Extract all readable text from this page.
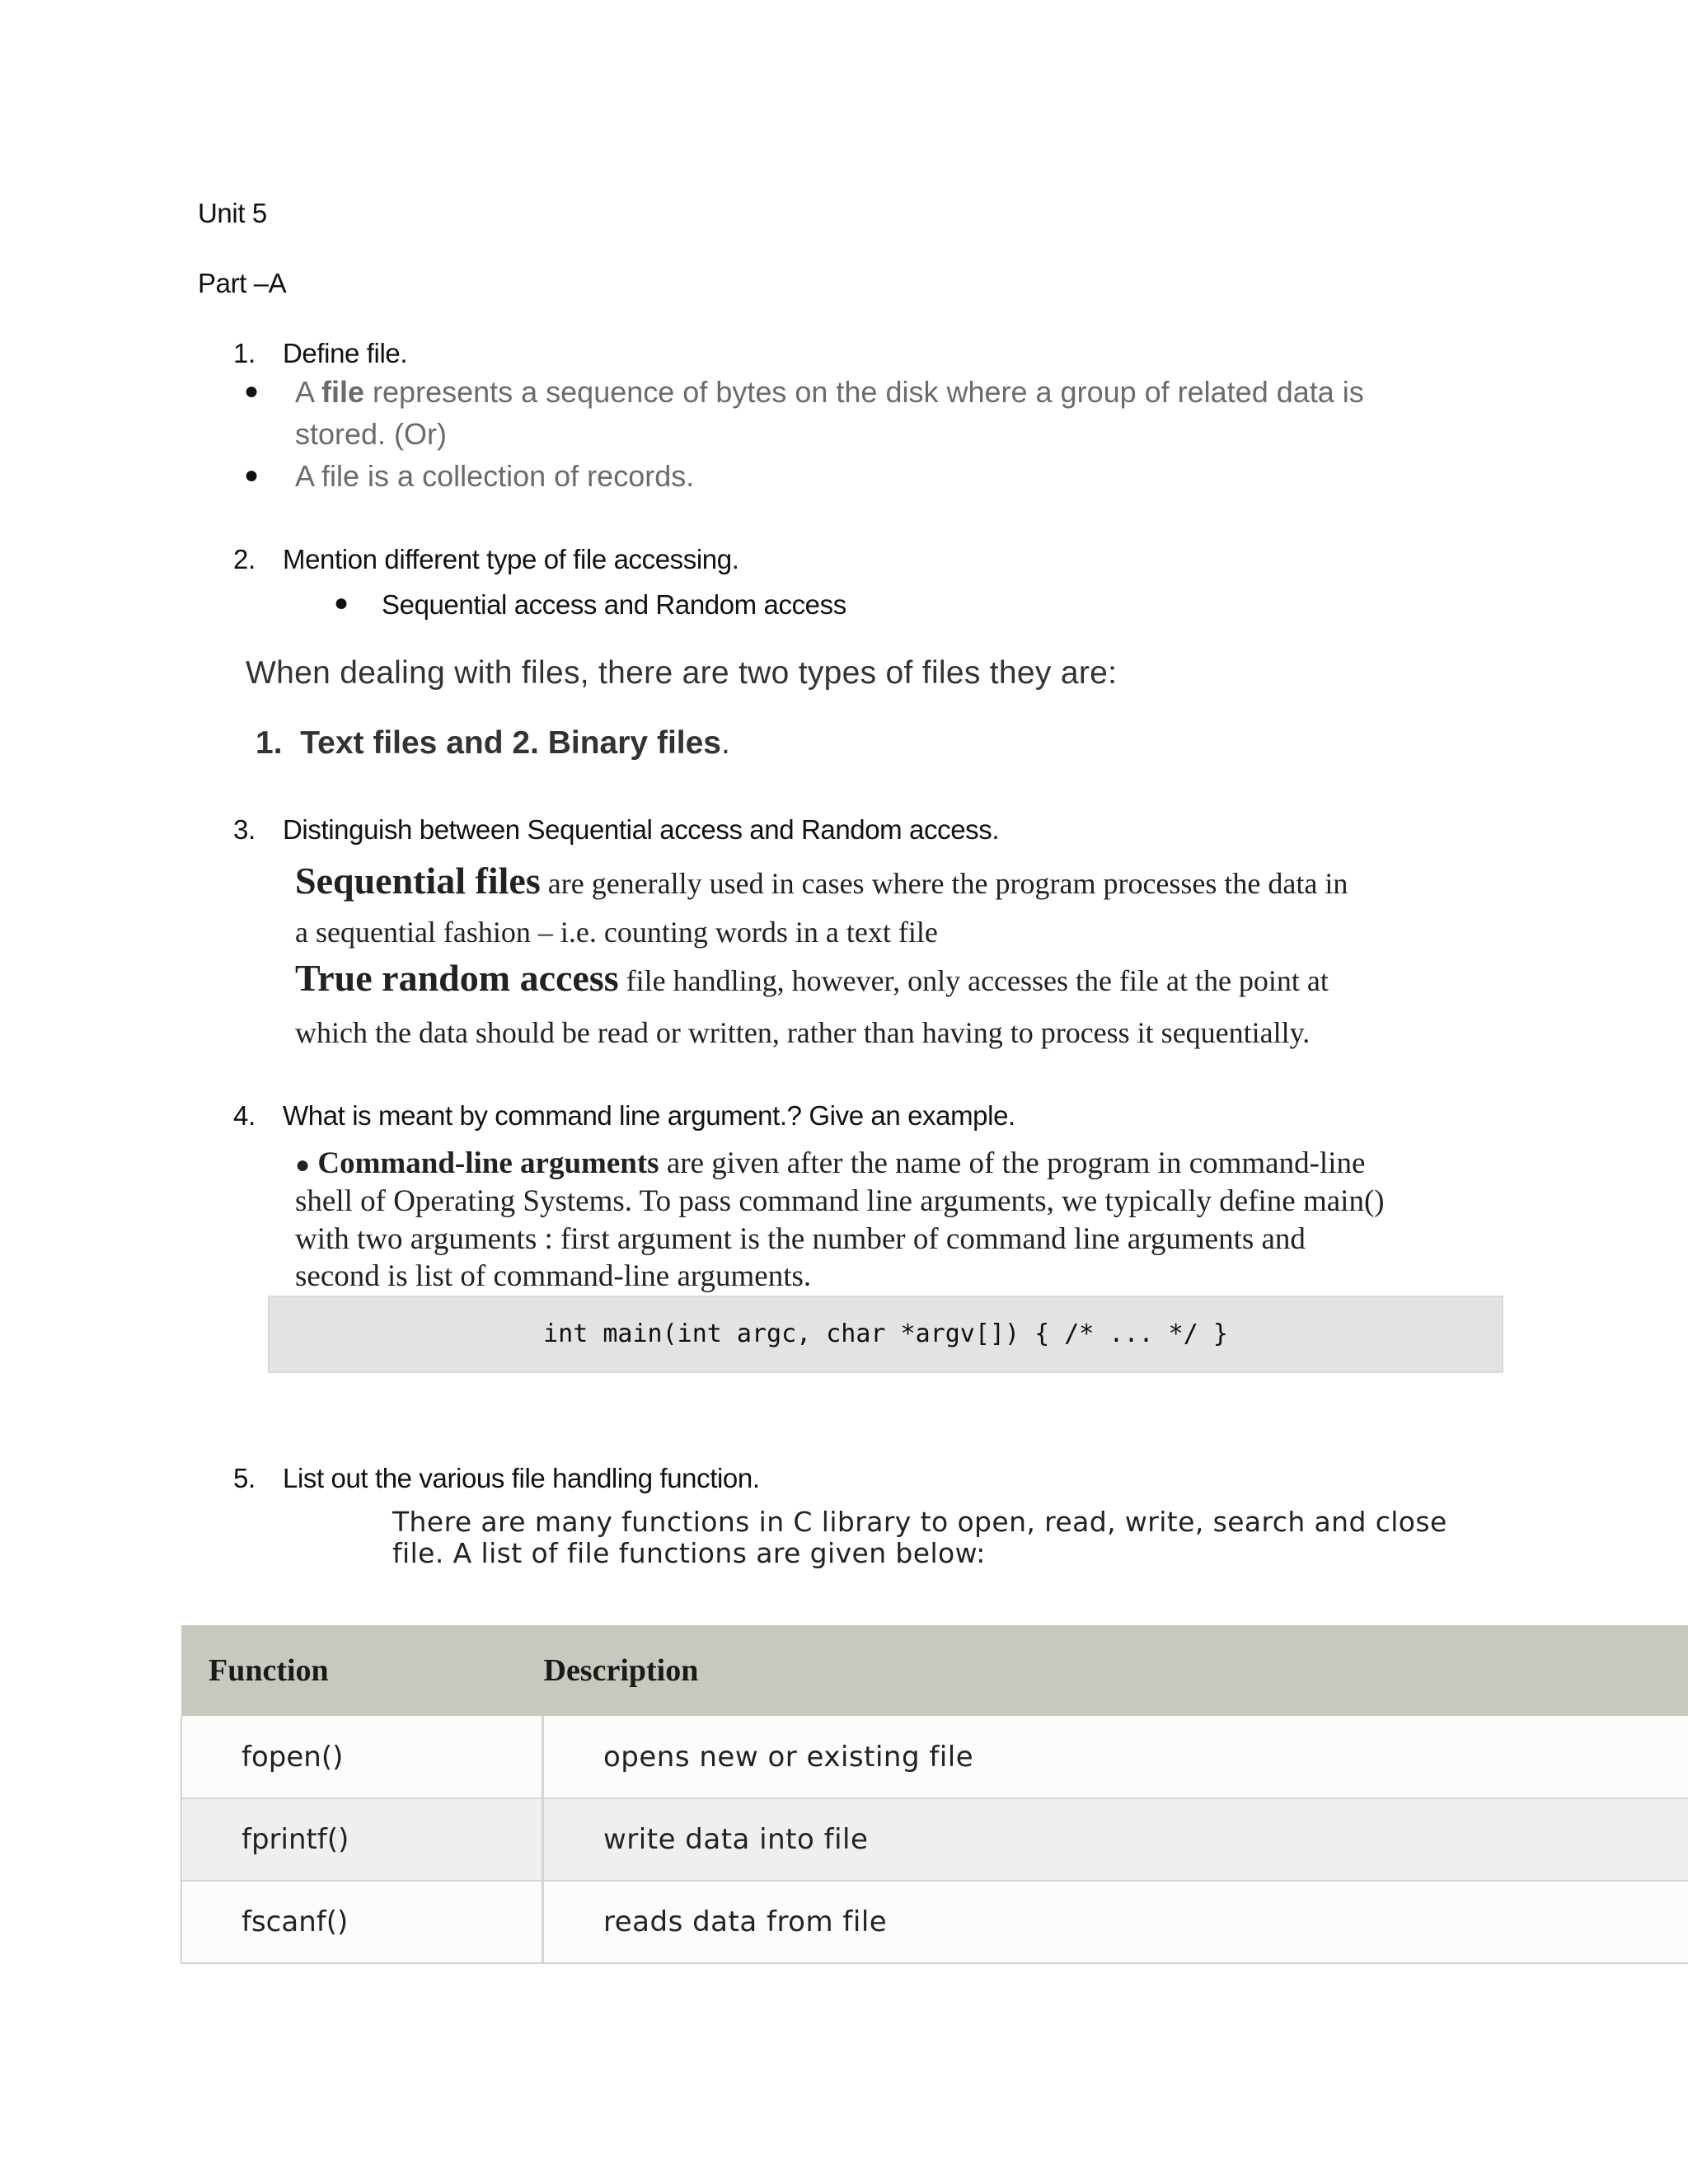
Unit 5
Part –A
1. Define file.
● A file represents a sequence of bytes on the disk where a group of related data is
stored. (Or)
● A file is a collection of records.
2. Mention different type of file accessing.
● Sequential access and Random access
When dealing with files, there are two types of files they are:
1. Text files and 2. Binary files.
3. Distinguish between Sequential access and Random access.
Sequential files are generally used in cases where the program processes the data in
a sequential fashion – i.e. counting words in a text file
True random access file handling, however, only accesses the file at the point at
which the data should be read or written, rather than having to process it sequentially.
4. What is meant by command line argument.? Give an example.
● Command-line arguments are given after the name of the program in command-line
shell of Operating Systems. To pass command line arguments, we typically define main()
with two arguments : first argument is the number of command line arguments and
second is list of command-line arguments.
int main(int argc, char *argv[]) { /* ... */ }
5. List out the various file handling function.
There are many functions in C library to open, read, write, search and close
file. A list of file functions are given below:
Function	Description
fopen()	opens new or existing file
fprintf()	write data into file
fscanf()	reads data from file
